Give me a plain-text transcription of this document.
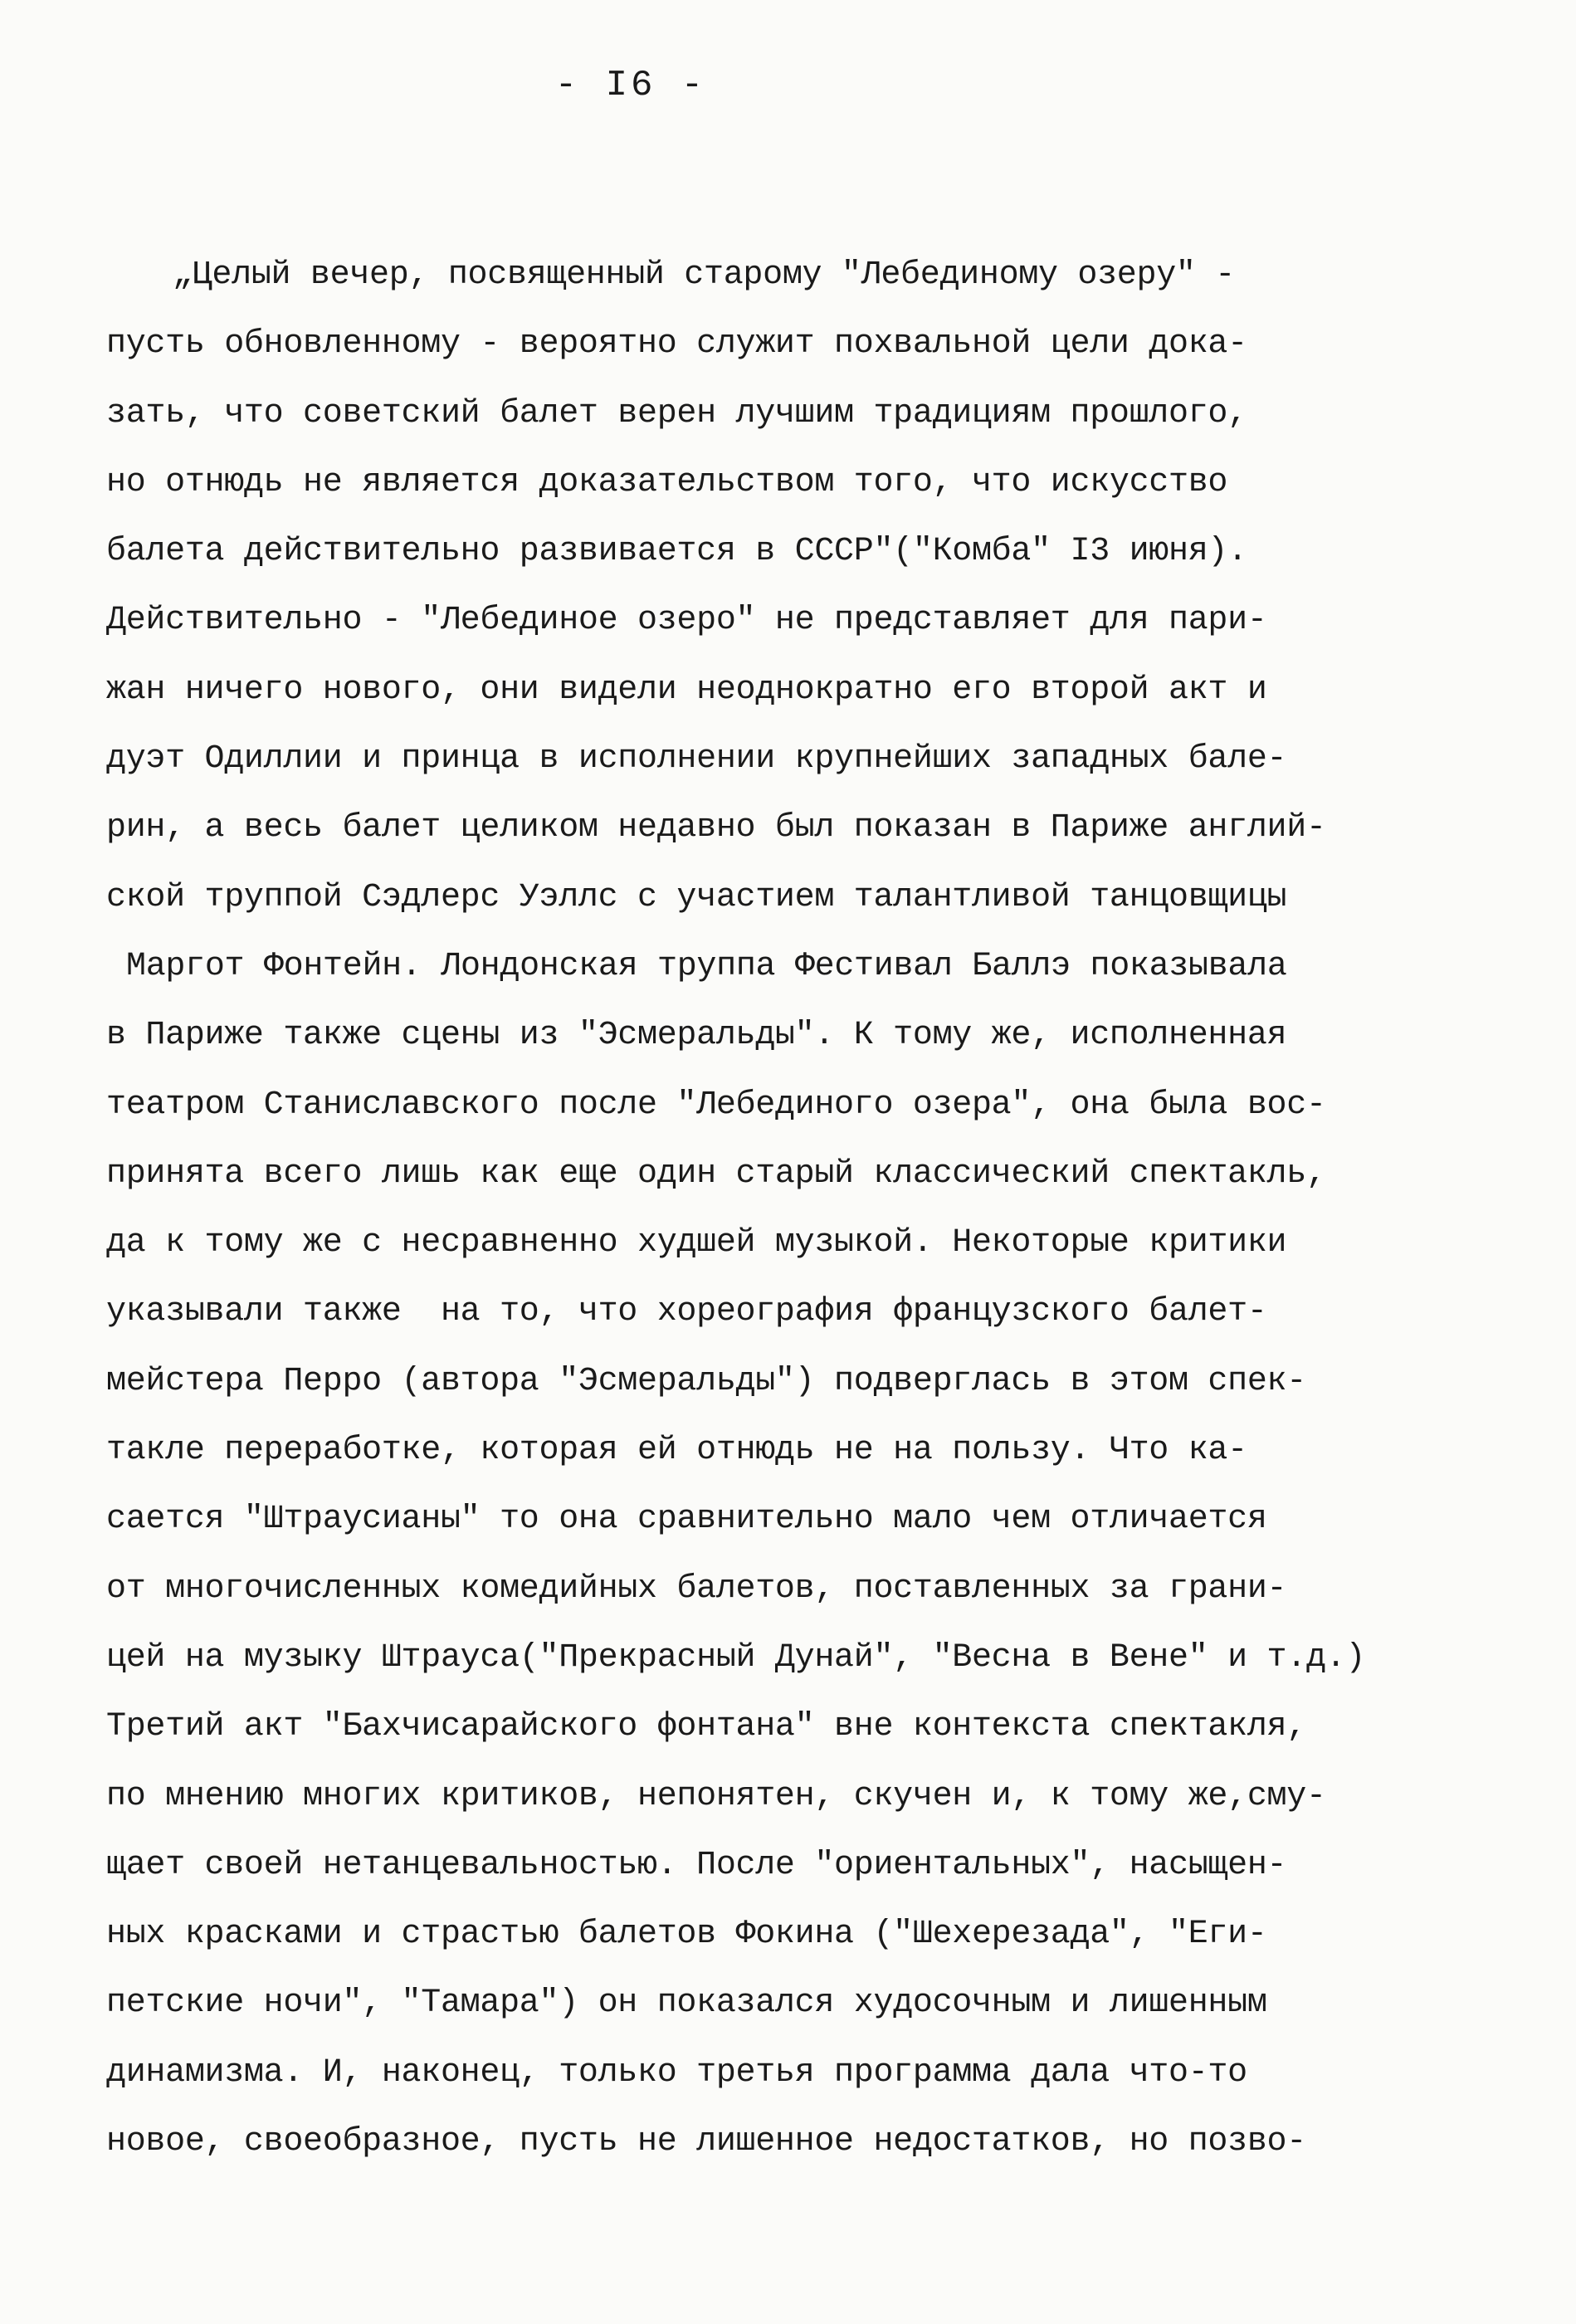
- I6 -
„Целый вечер, посвященный старому "Лебединому озеру" -
пусть обновленному - вероятно служит похвальной цели дока-
зать, что советский балет верен лучшим традициям прошлого,
но отнюдь не является доказательством того, что искусство
балета действительно развивается в СССР"("Комба" I3 июня).
Действительно - "Лебединое озеро" не представляет для пари-
жан ничего нового, они видели неоднократно его второй акт и
дуэт Одиллии и принца в исполнении крупнейших западных бале-
рин, а весь балет целиком недавно был показан в Париже англий-
ской труппой Сэдлерс Уэллс с участием талантливой танцовщицы
Маргот Фонтейн. Лондонская труппа Фестивал Баллэ показывала
в Париже также сцены из "Эсмеральды". К тому же, исполненная
театром Станиславского после "Лебединого озера", она была вос-
принята всего лишь как еще один старый классический спектакль,
да к тому же с несравненно худшей музыкой. Некоторые критики
указывали также  на то, что хореография французского балет-
мейстера Перро (автора "Эсмеральды") подверглась в этом спек-
такле переработке, которая ей отнюдь не на пользу. Что ка-
сается "Штраусианы" то она сравнительно мало чем отличается
от многочисленных комедийных балетов, поставленных за грани-
цей на музыку Штрауса("Прекрасный Дунай", "Весна в Вене" и т.д.)
Третий акт "Бахчисарайского фонтана" вне контекста спектакля,
по мнению многих критиков, непонятен, скучен и, к тому же,сму-
щает своей нетанцевальностью. После "ориентальных", насыщен-
ных красками и страстью балетов Фокина ("Шехерезада", "Еги-
петские ночи", "Тамара") он показался худосочным и лишенным
динамизма. И, наконец, только третья программа дала что-то
новое, своеобразное, пусть не лишенное недостатков, но позво-
